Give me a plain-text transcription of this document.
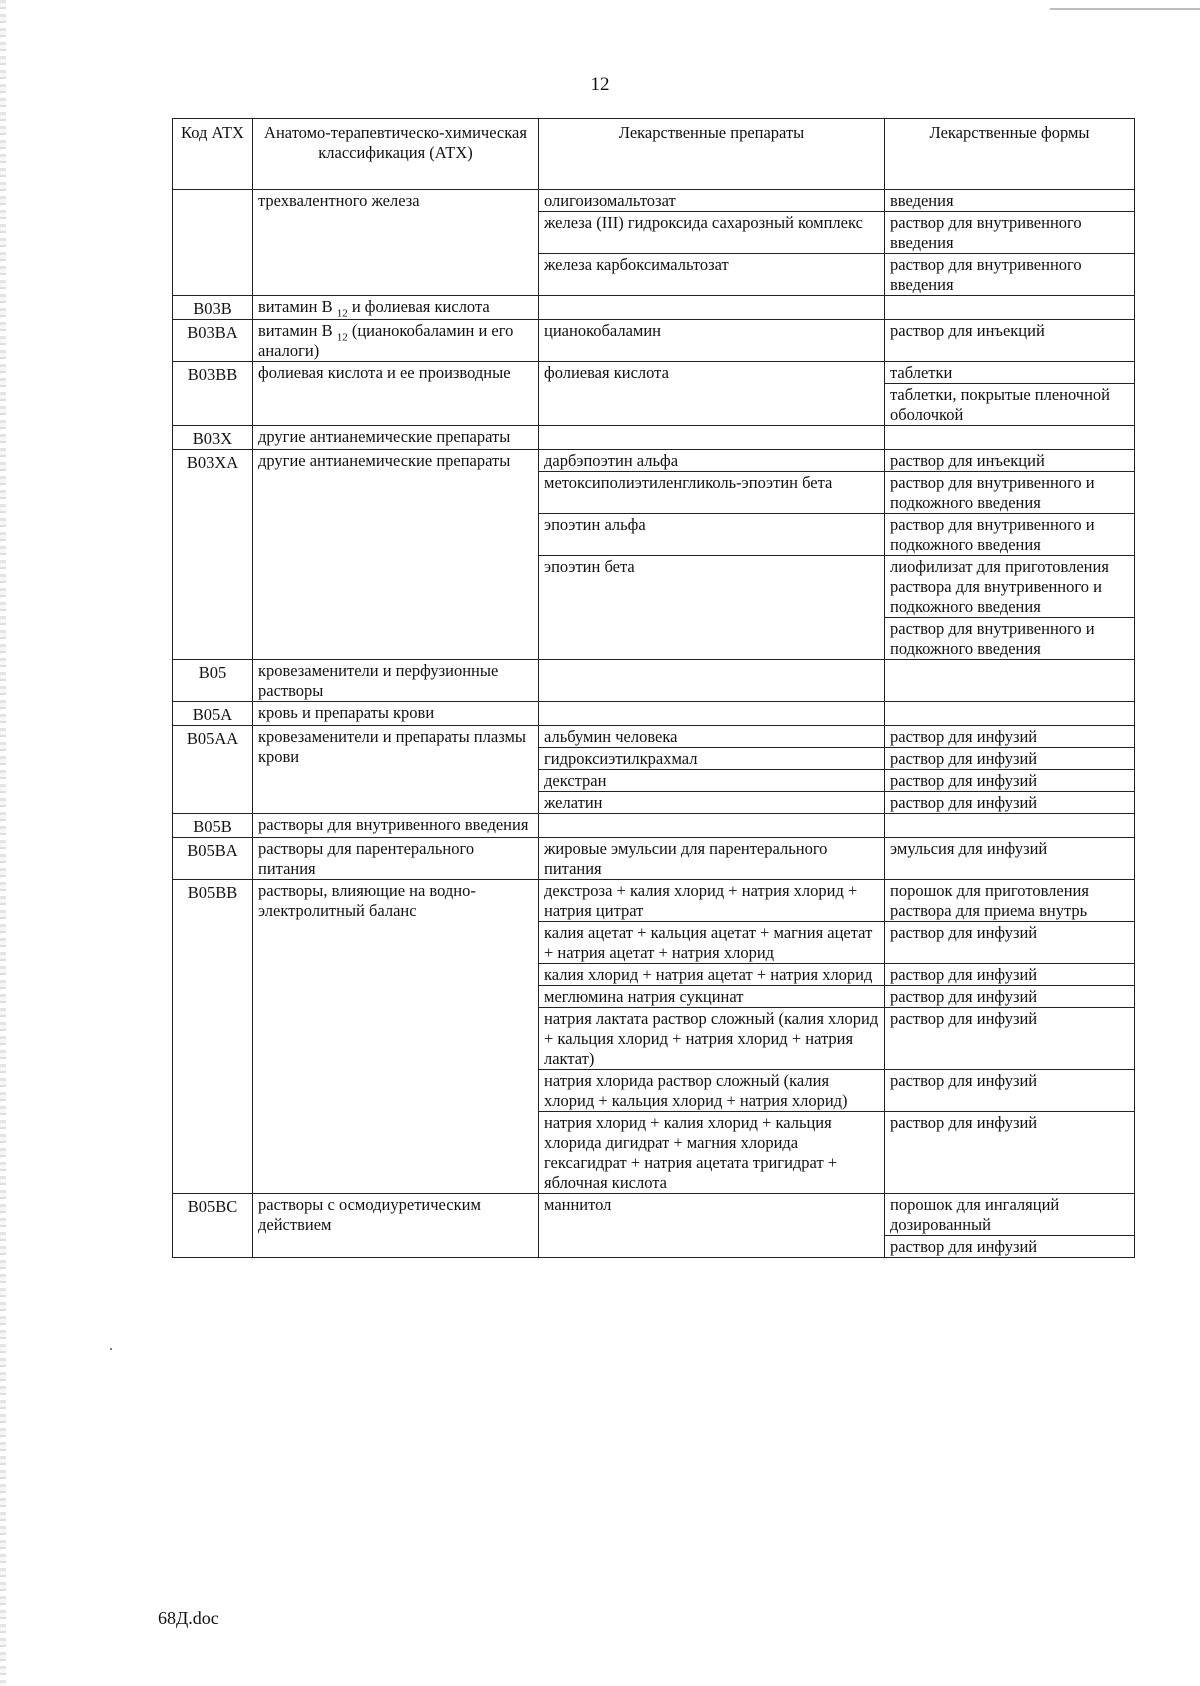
12
Код АТХ	Анатомо-терапевтическо-химическая классификация (АТХ)	Лекарственные препараты	Лекарственные формы
	трехвалентного железа	олигоизомальтозат	введения
		железа (III) гидроксида сахарозный комплекс	раствор для внутривенного введения
		железа карбоксимальтозат	раствор для внутривенного введения
B03B	витамин B $_{12}$ и фолиевая кислота		
B03BA	витамин B $_{12}$ (цианокобаламин и его аналоги)	цианокобаламин	раствор для инъекций
B03BB	фолиевая кислота и ее производные	фолиевая кислота	таблетки
			таблетки, покрытые пленочной оболочкой
B03X	другие антианемические препараты		
B03XA	другие антианемические препараты	дарбэпоэтин альфа	раствор для инъекций
		метоксиполиэтиленгликоль-эпоэтин бета	раствор для внутривенного и подкожного введения
		эпоэтин альфа	раствор для внутривенного и подкожного введения
		эпоэтин бета	лиофилизат для приготовления раствора для внутривенного и подкожного введения
			раствор для внутривенного и подкожного введения
B05	кровезаменители и перфузионные растворы		
B05A	кровь и препараты крови		
B05AA	кровезаменители и препараты плазмы крови	альбумин человека	раствор для инфузий
		гидроксиэтилкрахмал	раствор для инфузий
		декстран	раствор для инфузий
		желатин	раствор для инфузий
B05B	растворы для внутривенного введения		
B05BA	растворы для парентерального питания	жировые эмульсии для парентерального питания	эмульсия для инфузий
B05BB	растворы, влияющие на водно-электролитный баланс	декстроза + калия хлорид + натрия хлорид + натрия цитрат	порошок для приготовления раствора для приема внутрь
		калия ацетат + кальция ацетат + магния ацетат + натрия ацетат + натрия хлорид	раствор для инфузий
		калия хлорид + натрия ацетат + натрия хлорид	раствор для инфузий
		меглюмина натрия сукцинат	раствор для инфузий
		натрия лактата раствор сложный (калия хлорид + кальция хлорид + натрия хлорид + натрия лактат)	раствор для инфузий
		натрия хлорида раствор сложный (калия хлорид + кальция хлорид + натрия хлорид)	раствор для инфузий
		натрия хлорид + калия хлорид + кальция хлорида дигидрат + магния хлорида гексагидрат + натрия ацетата тригидрат + яблочная кислота	раствор для инфузий
B05BC	растворы с осмодиуретическим действием	маннитол	порошок для ингаляций дозированный
			раствор для инфузий
68Д.doc
